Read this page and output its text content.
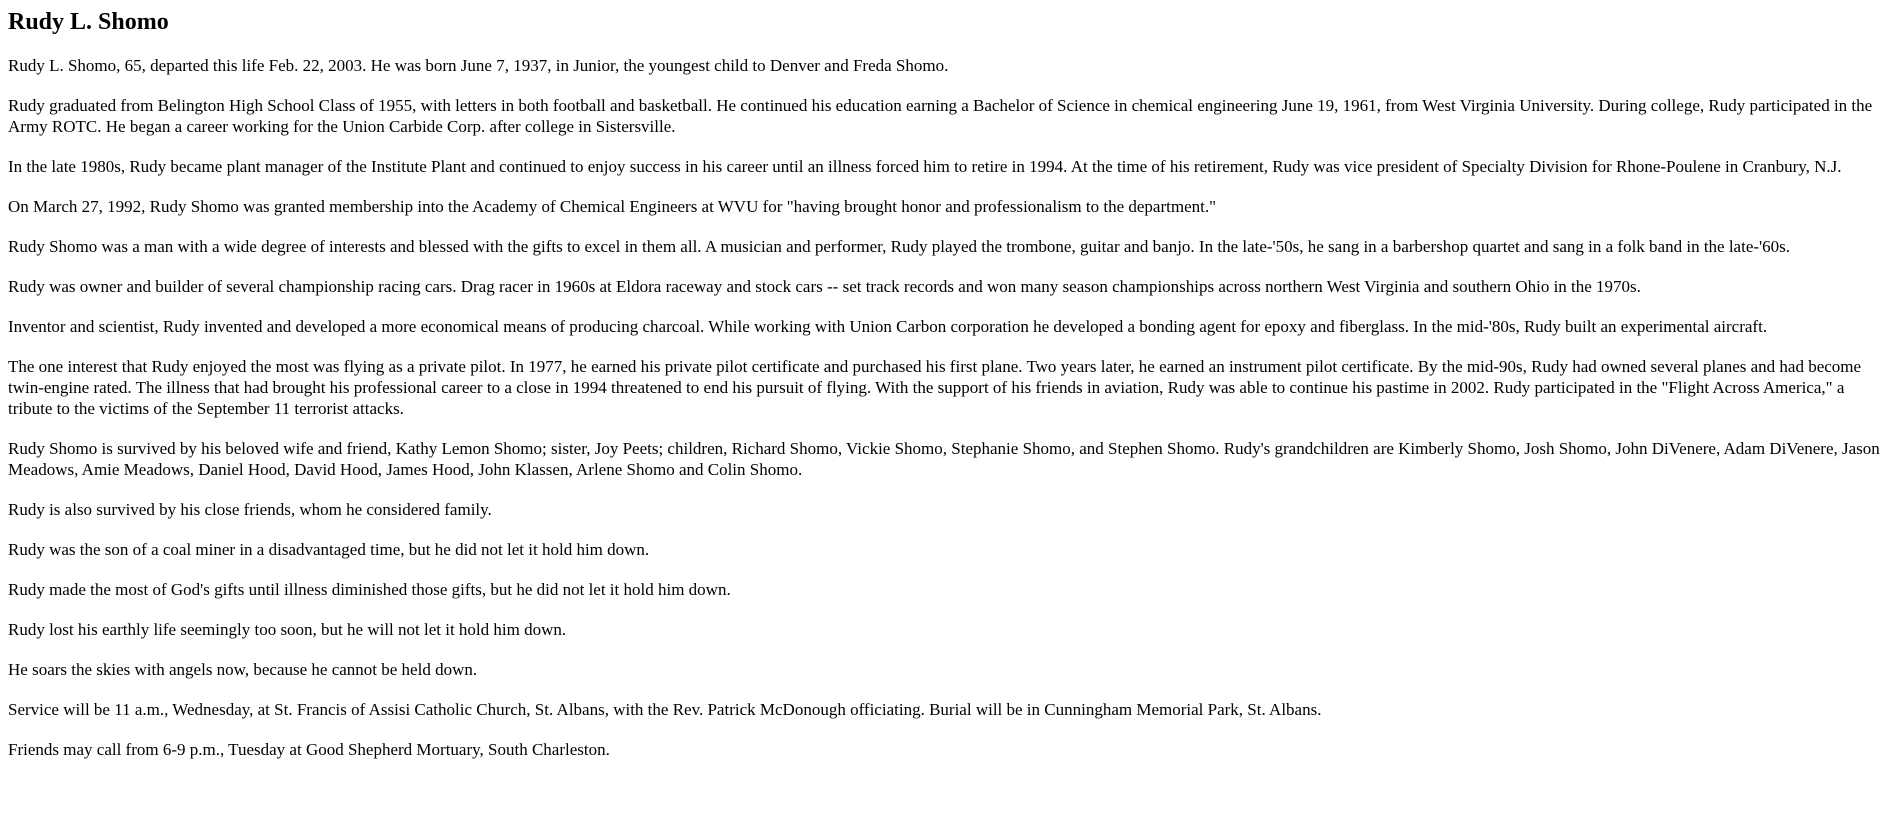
Rudy L. Shomo

Rudy L. Shomo, 65, departed this life Feb. 22, 2003. He was born June 7, 1937, in Junior, the youngest child to Denver and Freda Shomo.

Rudy graduated from Belington High School Class of 1955, with letters in both football and basketball. He continued his education earning a Bachelor of Science in chemical engineering June 19, 1961, from West Virginia University. During college, Rudy participated in the Army ROTC. He began a career working for the Union Carbide Corp. after college in Sistersville.

In the late 1980s, Rudy became plant manager of the Institute Plant and continued to enjoy success in his career until an illness forced him to retire in 1994. At the time of his retirement, Rudy was vice president of Specialty Division for Rhone-Poulene in Cranbury, N.J.

On March 27, 1992, Rudy Shomo was granted membership into the Academy of Chemical Engineers at WVU for "having brought honor and professionalism to the department."

Rudy Shomo was a man with a wide degree of interests and blessed with the gifts to excel in them all. A musician and performer, Rudy played the trombone, guitar and banjo. In the late-'50s, he sang in a barbershop quartet and sang in a folk band in the late-'60s.

Rudy was owner and builder of several championship racing cars. Drag racer in 1960s at Eldora raceway and stock cars -- set track records and won many season championships across northern West Virginia and southern Ohio in the 1970s.

Inventor and scientist, Rudy invented and developed a more economical means of producing charcoal. While working with Union Carbon corporation he developed a bonding agent for epoxy and fiberglass. In the mid-'80s, Rudy built an experimental aircraft.

The one interest that Rudy enjoyed the most was flying as a private pilot. In 1977, he earned his private pilot certificate and purchased his first plane. Two years later, he earned an instrument pilot certificate. By the mid-90s, Rudy had owned several planes and had become twin-engine rated. The illness that had brought his professional career to a close in 1994 threatened to end his pursuit of flying. With the support of his friends in aviation, Rudy was able to continue his pastime in 2002. Rudy participated in the "Flight Across America," a tribute to the victims of the September 11 terrorist attacks.

Rudy Shomo is survived by his beloved wife and friend, Kathy Lemon Shomo; sister, Joy Peets; children, Richard Shomo, Vickie Shomo, Stephanie Shomo, and Stephen Shomo. Rudy's grandchildren are Kimberly Shomo, Josh Shomo, John DiVenere, Adam DiVenere, Jason Meadows, Amie Meadows, Daniel Hood, David Hood, James Hood, John Klassen, Arlene Shomo and Colin Shomo.

Rudy is also survived by his close friends, whom he considered family.

Rudy was the son of a coal miner in a disadvantaged time, but he did not let it hold him down.

Rudy made the most of God's gifts until illness diminished those gifts, but he did not let it hold him down.

Rudy lost his earthly life seemingly too soon, but he will not let it hold him down.

He soars the skies with angels now, because he cannot be held down.

Service will be 11 a.m., Wednesday, at St. Francis of Assisi Catholic Church, St. Albans, with the Rev. Patrick McDonough officiating. Burial will be in Cunningham Memorial Park, St. Albans.

Friends may call from 6-9 p.m., Tuesday at Good Shepherd Mortuary, South Charleston.
